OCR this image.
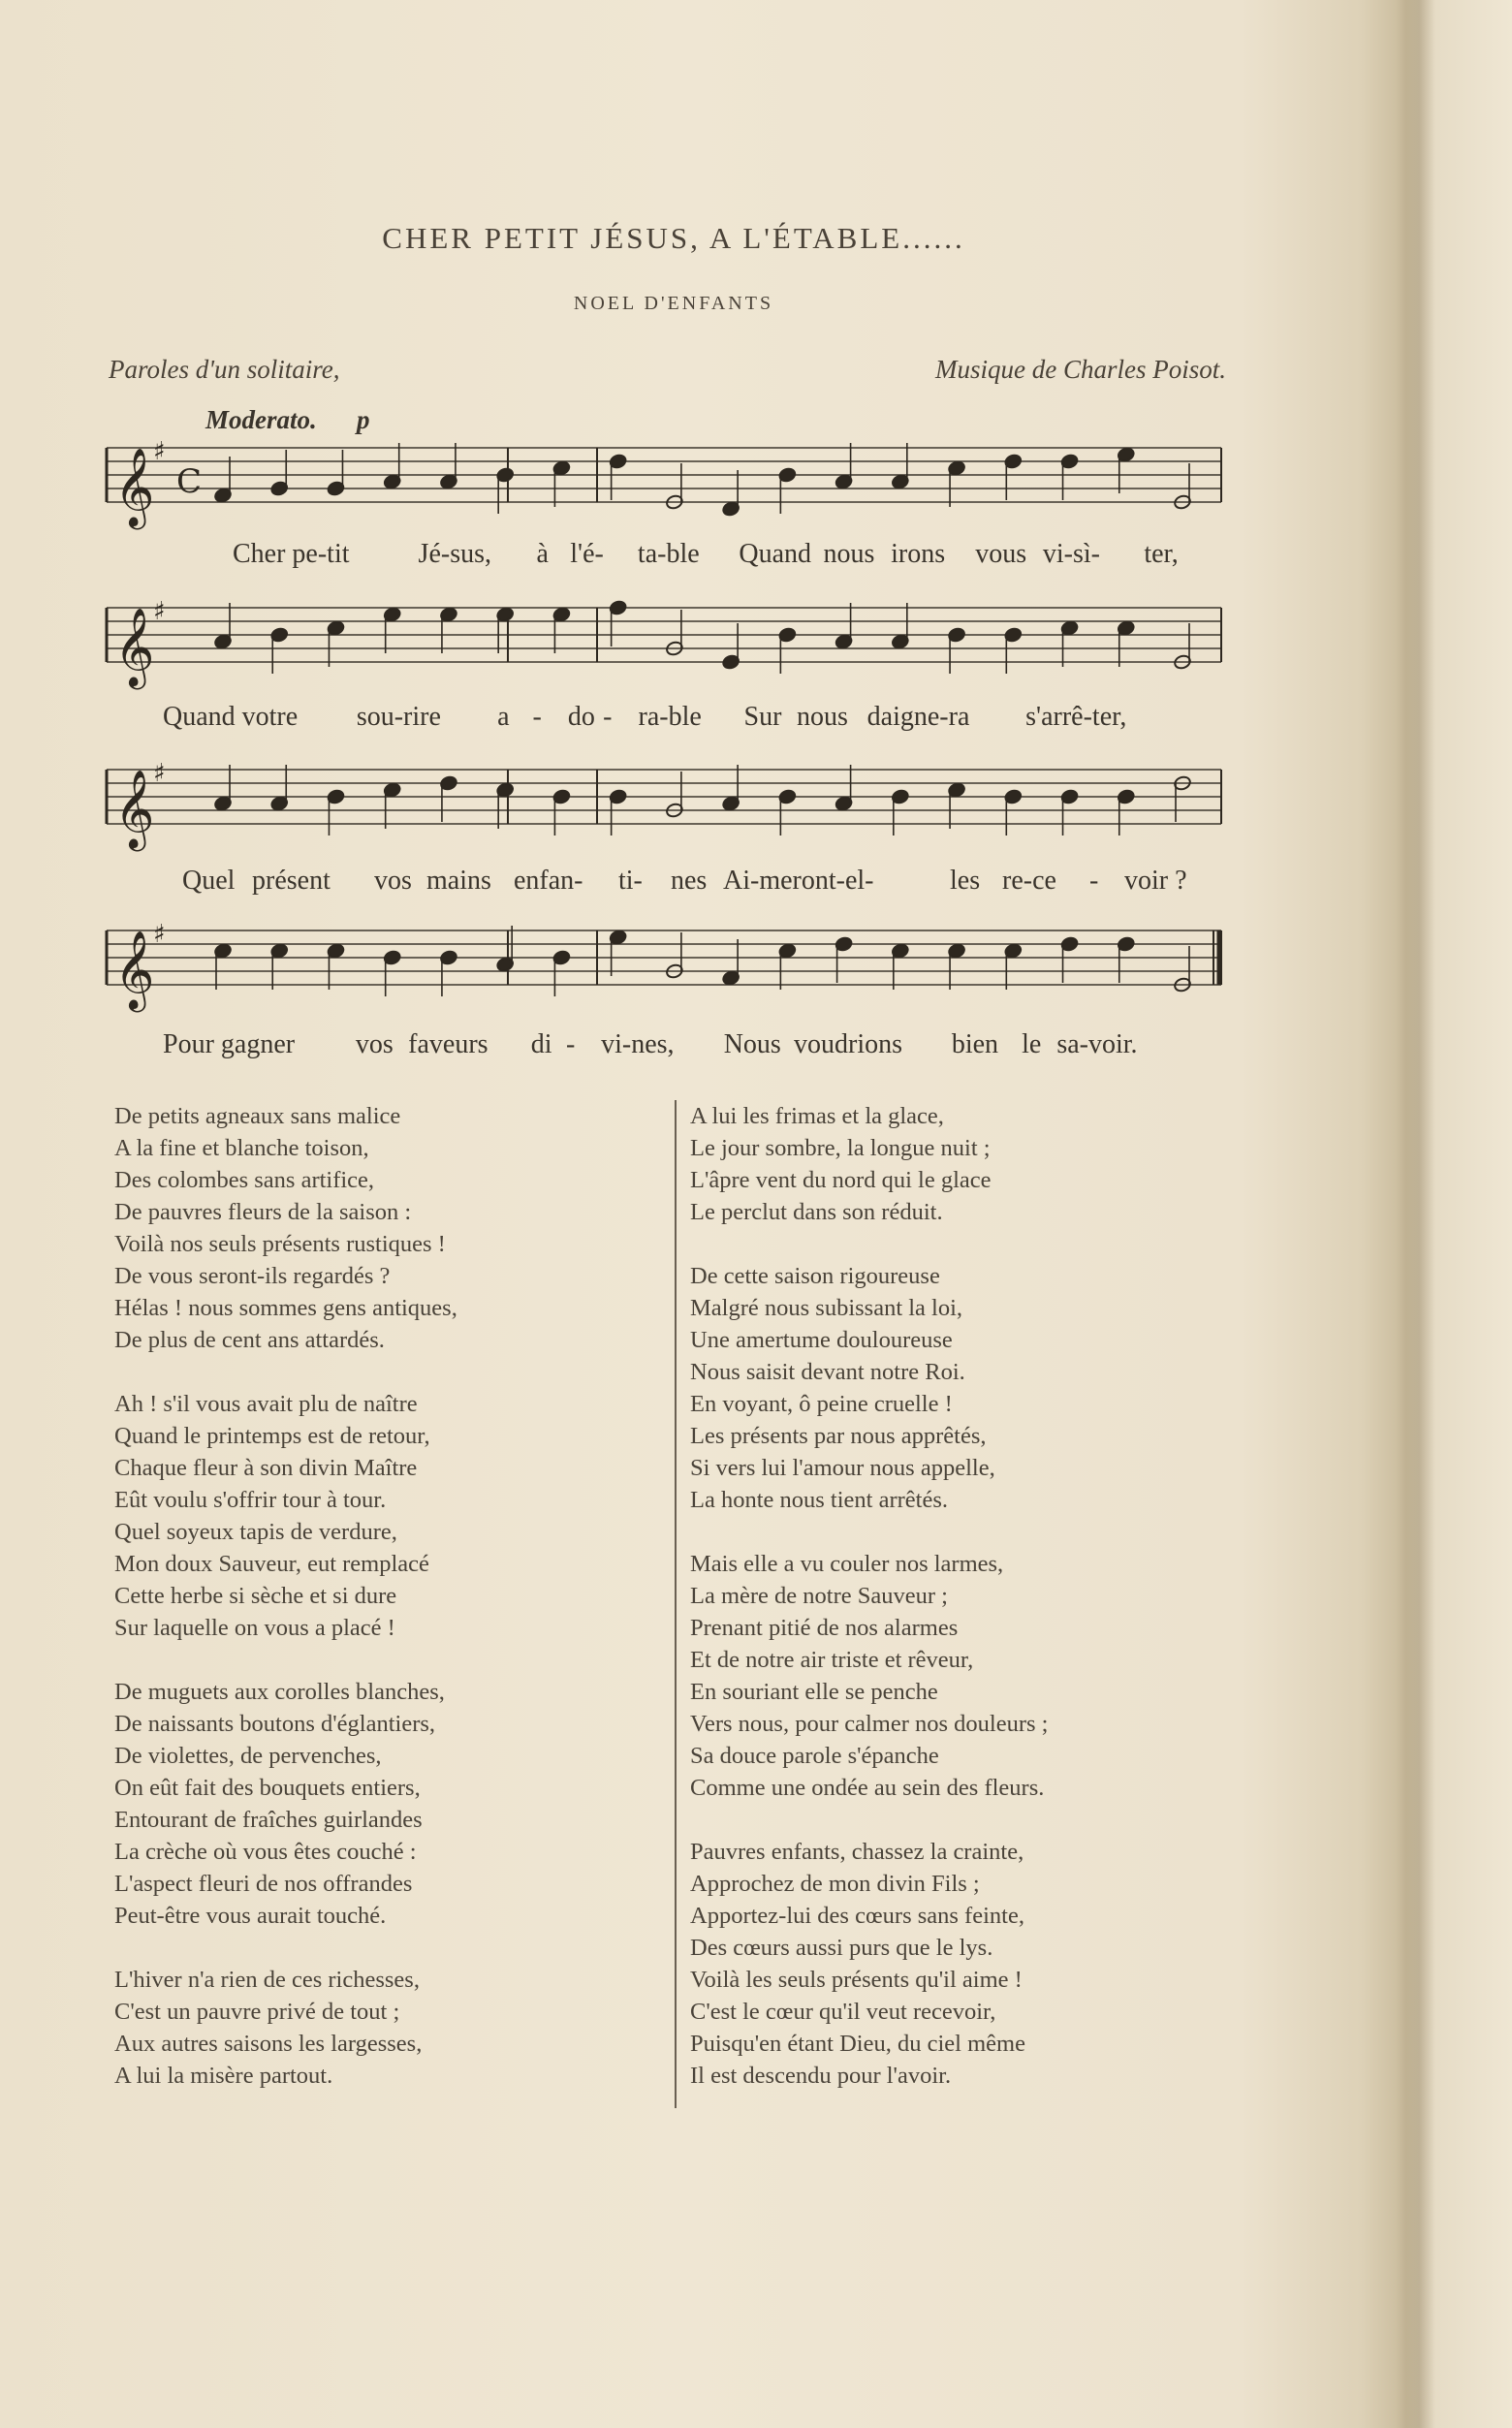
CHER PETIT JÉSUS, A L'ÉTABLE......
NOEL D'ENFANTS
Paroles d'un solitaire,	Musique de Charles Poisot.
Moderato. p
𝄞
♯
C
𝄞
♯
𝄞
♯
𝄞
♯
Cher pe-tit	Jé-sus, à l'é- ta-ble Quand nous irons vous vi-sì- ter,
Quand votre sou-rire a - do - ra-ble Sur nous daigne-ra s'arrê-ter,
Quel présent vos mains enfan- ti- nes Ai-meront-el-	les re-ce - voir ?
Pour gagner vos faveurs di - vi-nes, Nous voudrions bien le sa-voir.
De petits agneaux sans malice
A la fine et blanche toison,
Des colombes sans artifice,
De pauvres fleurs de la saison :
Voilà nos seuls présents rustiques !
De vous seront-ils regardés ?
Hélas ! nous sommes gens antiques,
De plus de cent ans attardés.
Ah ! s'il vous avait plu de naître
Quand le printemps est de retour,
Chaque fleur à son divin Maître
Eût voulu s'offrir tour à tour.
Quel soyeux tapis de verdure,
Mon doux Sauveur, eut remplacé
Cette herbe si sèche et si dure
Sur laquelle on vous a placé !
De muguets aux corolles blanches,
De naissants boutons d'églantiers,
De violettes, de pervenches,
On eût fait des bouquets entiers,
Entourant de fraîches guirlandes
La crèche où vous êtes couché :
L'aspect fleuri de nos offrandes
Peut-être vous aurait touché.
L'hiver n'a rien de ces richesses,
C'est un pauvre privé de tout ;
Aux autres saisons les largesses,
A lui la misère partout.
A lui les frimas et la glace,
Le jour sombre, la longue nuit ;
L'âpre vent du nord qui le glace
Le perclut dans son réduit.
De cette saison rigoureuse
Malgré nous subissant la loi,
Une amertume douloureuse
Nous saisit devant notre Roi.
En voyant, ô peine cruelle !
Les présents par nous apprêtés,
Si vers lui l'amour nous appelle,
La honte nous tient arrêtés.
Mais elle a vu couler nos larmes,
La mère de notre Sauveur ;
Prenant pitié de nos alarmes
Et de notre air triste et rêveur,
En souriant elle se penche
Vers nous, pour calmer nos douleurs ;
Sa douce parole s'épanche
Comme une ondée au sein des fleurs.
Pauvres enfants, chassez la crainte,
Approchez de mon divin Fils ;
Apportez-lui des cœurs sans feinte,
Des cœurs aussi purs que le lys.
Voilà les seuls présents qu'il aime !
C'est le cœur qu'il veut recevoir,
Puisqu'en étant Dieu, du ciel même
Il est descendu pour l'avoir.
